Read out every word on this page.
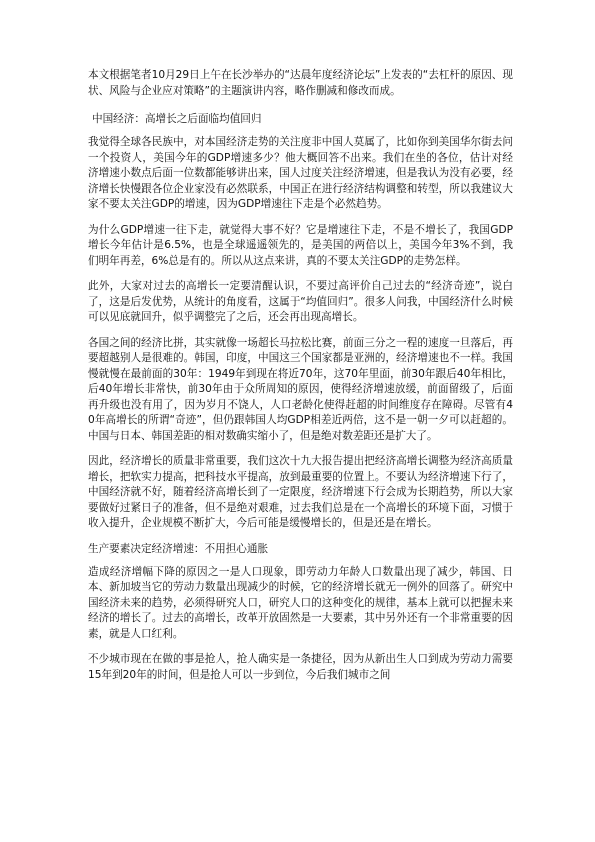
本文根据笔者10月29日上午在长沙举办的“达晨年度经济论坛”上发表的“去杠杆的原因、现状、风险与企业应对策略”的主题演讲内容，略作删减和修改而成。

中国经济：高增长之后面临均值回归

我觉得全球各民族中，对本国经济走势的关注度非中国人莫属了，比如你到美国华尔街去问一个投资人，美国今年的GDP增速多少？他大概回答不出来。我们在坐的各位，估计对经济增速小数点后面一位数都能够讲出来，国人过度关注经济增速，但是我认为没有必要，经济增长快慢跟各位企业家没有必然联系，中国正在进行经济结构调整和转型，所以我建议大家不要太关注GDP的增速，因为GDP增速往下走是个必然趋势。

为什么GDP增速一往下走，就觉得大事不好？它是增速往下走，不是不增长了，我国GDP增长今年估计是6.5%，也是全球遥遥领先的，是美国的两倍以上，美国今年3%不到，我们明年再差，6%总是有的。所以从这点来讲，真的不要太关注GDP的走势怎样。

此外，大家对过去的高增长一定要清醒认识，不要过高评价自己过去的“经济奇迹”，说白了，这是后发优势，从统计的角度看，这属于“均值回归”。很多人问我，中国经济什么时候可以见底就回升，似乎调整完了之后，还会再出现高增长。

各国之间的经济比拼，其实就像一场超长马拉松比赛，前面三分之一程的速度一旦落后，再要超越别人是很难的。韩国，印度，中国这三个国家都是亚洲的，经济增速也不一样。我国慢就慢在最前面的30年：1949年到现在将近70年，这70年里面，前30年跟后40年相比，后40年增长非常快，前30年由于众所周知的原因，使得经济增速放缓，前面留级了，后面再升级也没有用了，因为岁月不饶人，人口老龄化使得赶超的时间维度存在障碍。尽管有40年高增长的所谓“奇迹”，但仍跟韩国人均GDP相差近两倍，这不是一朝一夕可以赶超的。中国与日本、韩国差距的相对数确实缩小了，但是绝对数差距还是扩大了。

因此，经济增长的质量非常重要，我们这次十九大报告提出把经济高增长调整为经济高质量增长，把软实力提高，把科技水平提高，放到最重要的位置上。不要认为经济增速下行了，中国经济就不好，随着经济高增长到了一定限度，经济增速下行会成为长期趋势，所以大家要做好过紧日子的准备，但不是绝对艰难，过去我们总是在一个高增长的环境下面，习惯于收入提升，企业规模不断扩大，今后可能是缓慢增长的，但是还是在增长。

生产要素决定经济增速：不用担心通胀

造成经济增幅下降的原因之一是人口现象，即劳动力年龄人口数量出现了减少，韩国、日本、新加坡当它的劳动力数量出现减少的时候，它的经济增长就无一例外的回落了。研究中国经济未来的趋势，必须得研究人口，研究人口的这种变化的规律，基本上就可以把握未来经济的增长了。过去的高增长，改革开放固然是一大要素，其中另外还有一个非常重要的因素，就是人口红利。

不少城市现在在做的事是抢人，抢人确实是一条捷径，因为从新出生人口到成为劳动力需要15年到20年的时间，但是抢人可以一步到位，今后我们城市之间
